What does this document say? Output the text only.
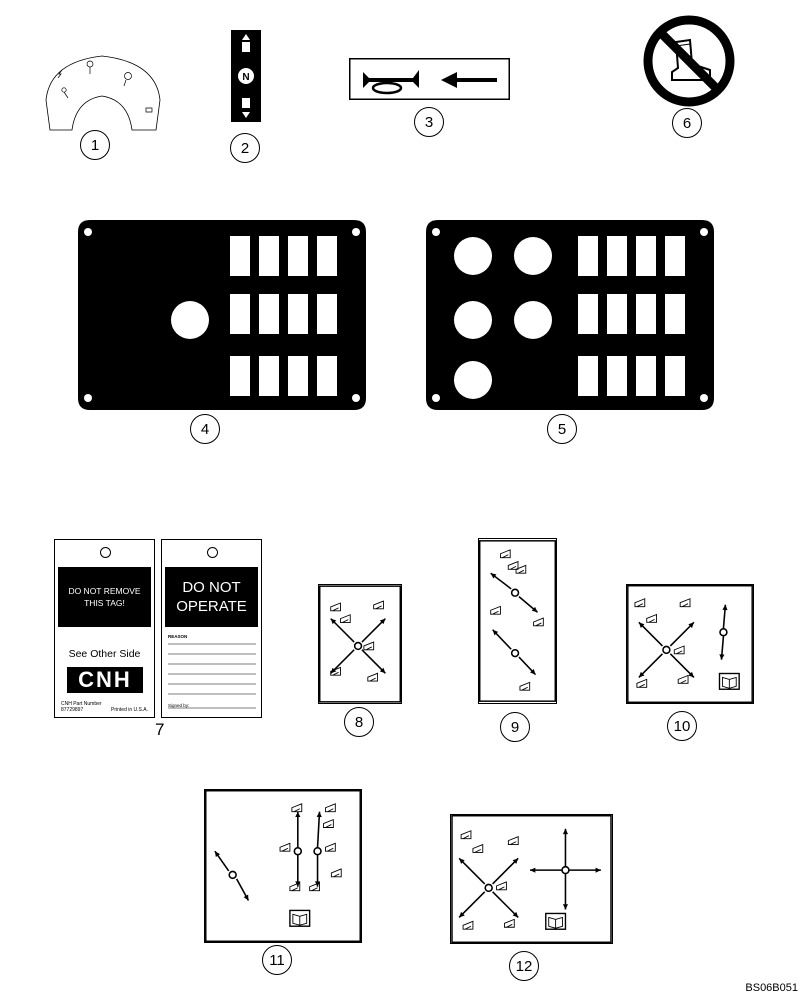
1
N
2
3	6
4	5
DO NOT REMOVE THIS TAG!
See Other Side
CNH
CNH Part Number
87729897	Printed in U.S.A.
DO NOT OPERATE
REASON
Signed by:
7	8	9	10
11	12
BS06B051
